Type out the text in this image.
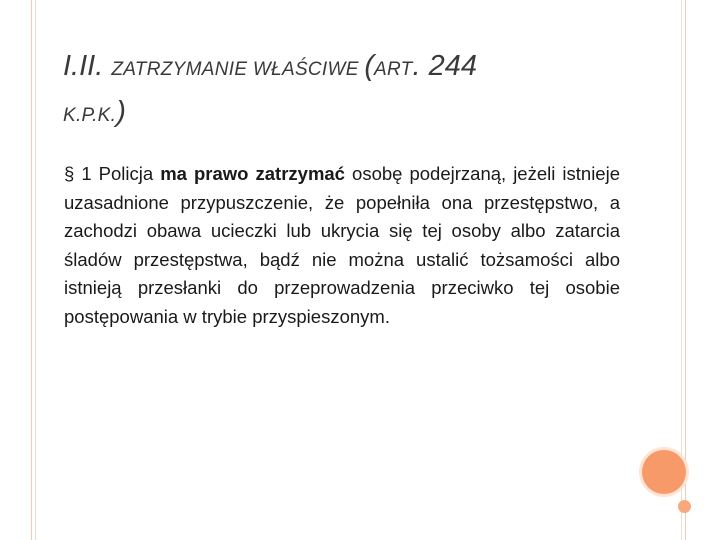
I.II. ZATRZYMANIE WŁAŚCIWE (ART. 244
K.P.K.)

§ 1 Policja ma prawo zatrzymać osobę podejrzaną, jeżeli istnieje uzasadnione przypuszczenie, że popełniła ona przestępstwo, a zachodzi obawa ucieczki lub ukrycia się tej osoby albo zatarcia śladów przestępstwa, bądź nie można ustalić tożsamości albo istnieją przesłanki do przeprowadzenia przeciwko tej osobie postępowania w trybie przyspieszonym.
